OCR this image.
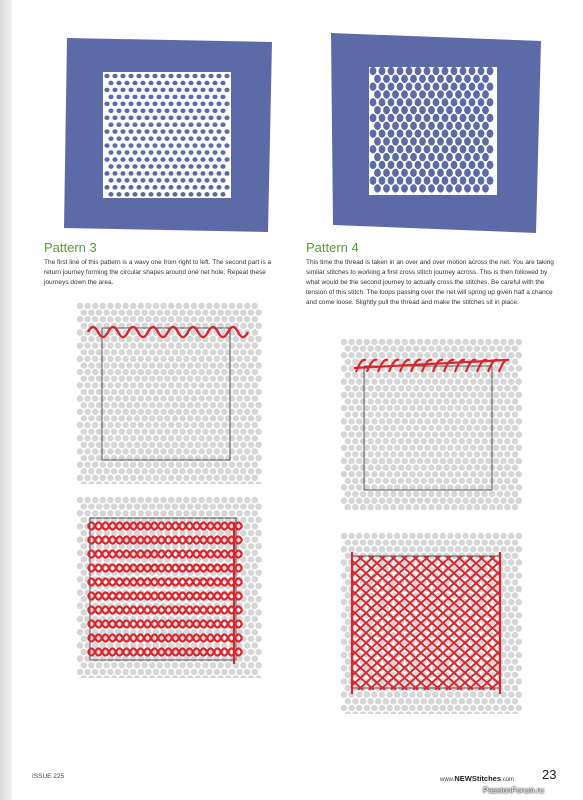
Pattern 3

The first line of this pattern is a wavy one from right to left. The second part is a return journey forming the circular shapes around one net hole. Repeat these journeys down the area.

Pattern 4

This time the thread is taken in an over and over motion across the net. You are taking similar stitches to working a first cross stitch journey across. This is then followed by what would be the second journey to actually cross the stitches. Be careful with the tension of this stitch. The loops passing over the net will spring up given half a chance and come loose. Slightly pull the thread and make the stitches sit in place.

ISSUE 225	www.NEWStitches.com 23
PassionForum.ru
